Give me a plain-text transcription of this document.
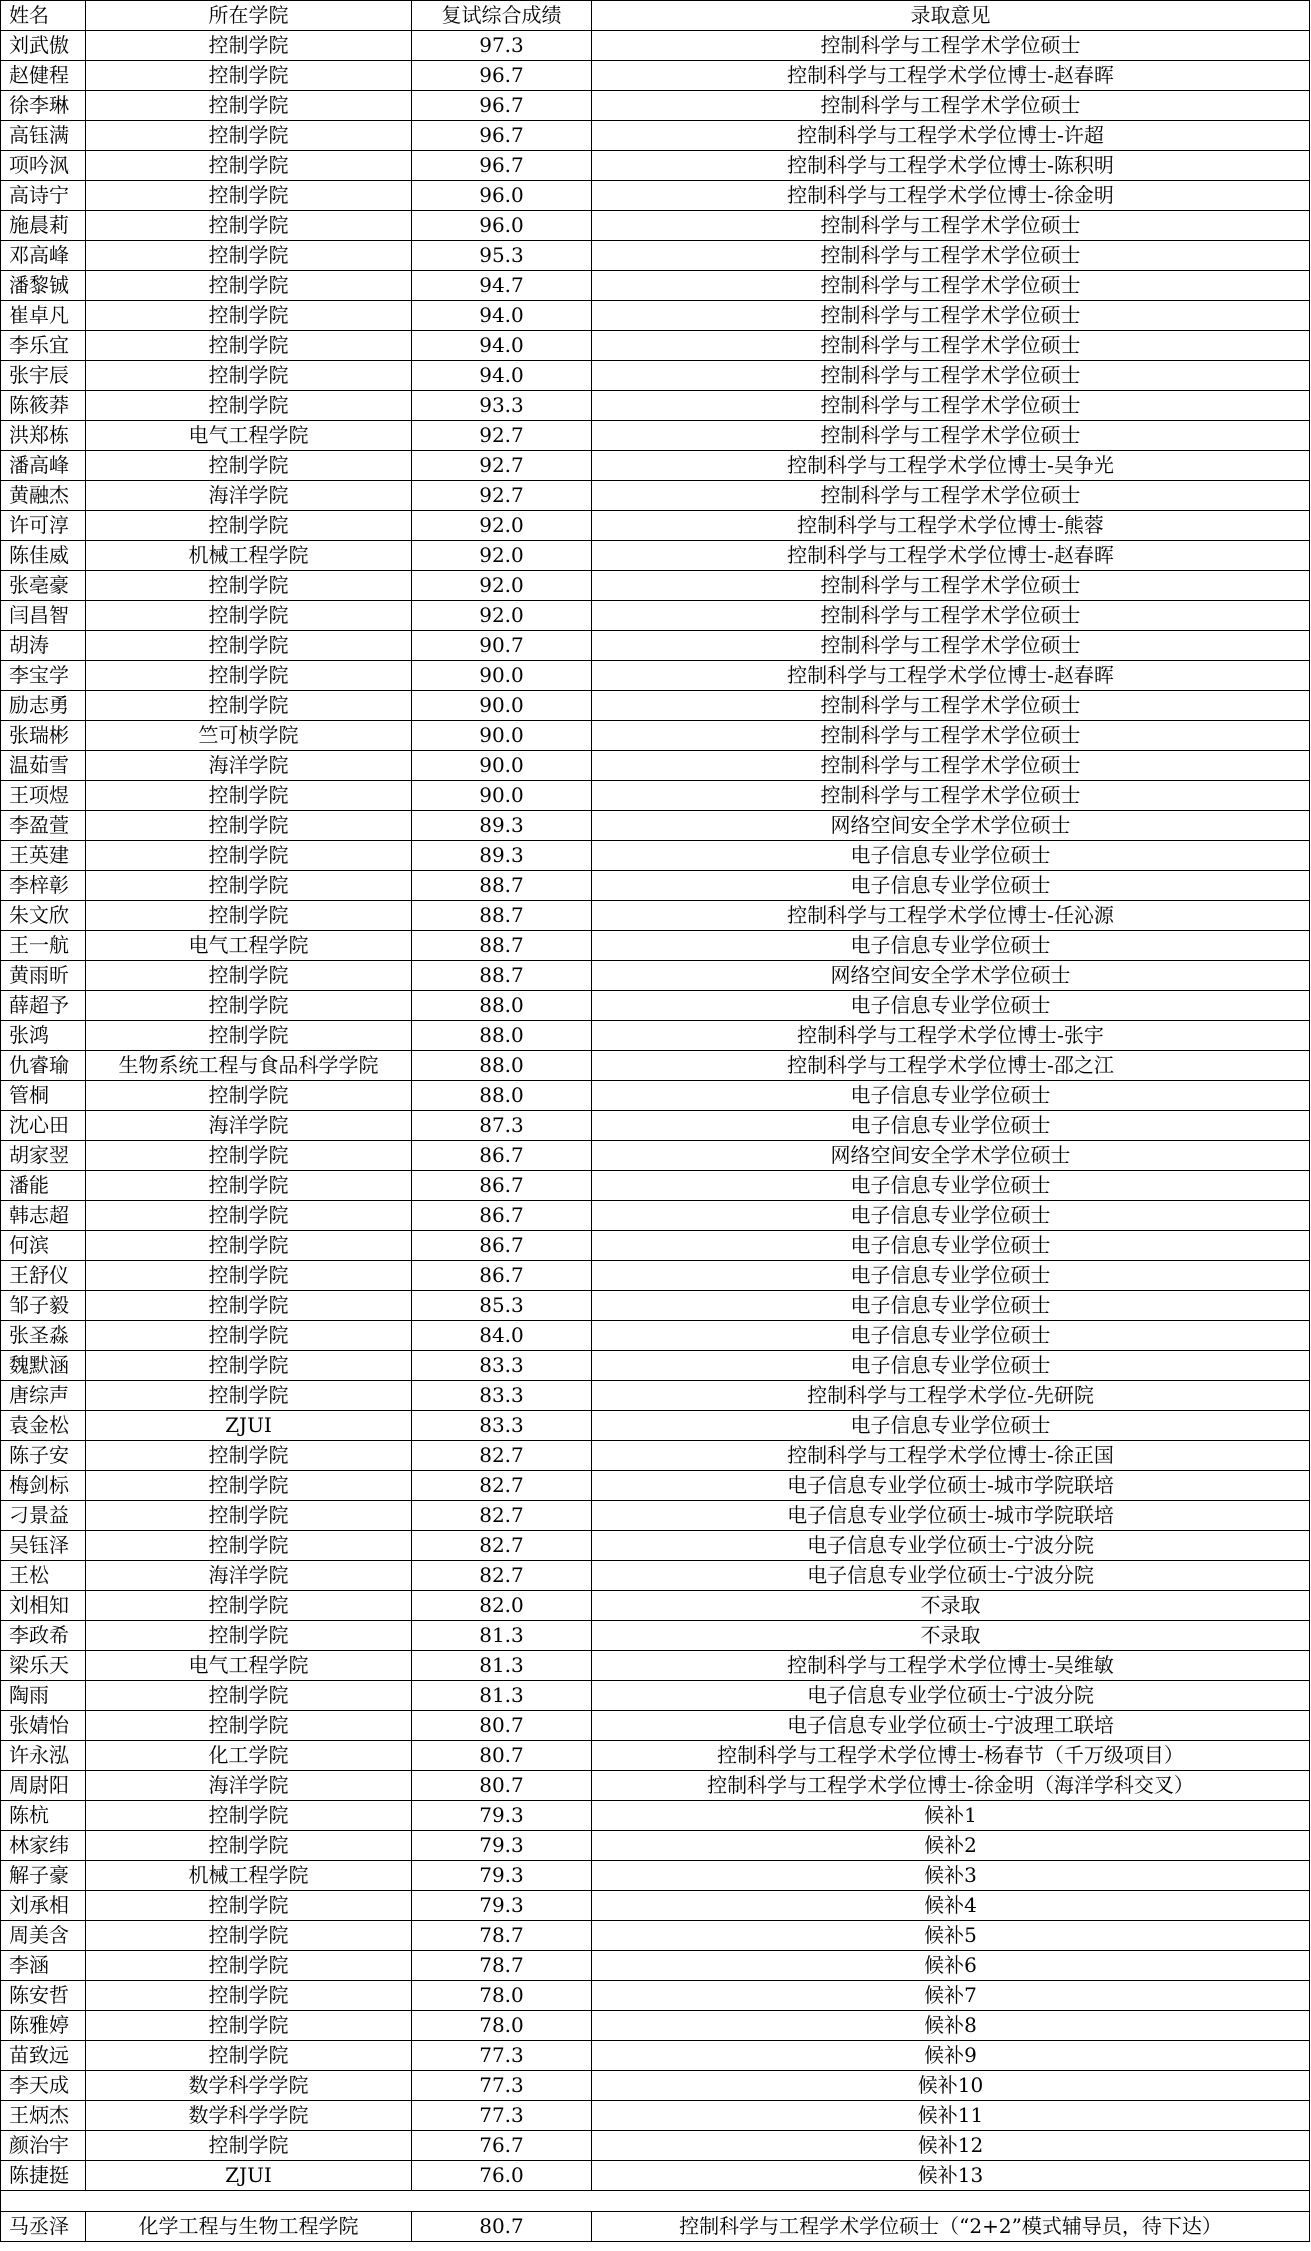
姓名	所在学院	复试综合成绩	录取意见
刘武傲	控制学院	97.3	控制科学与工程学术学位硕士
赵健程	控制学院	96.7	控制科学与工程学术学位博士-赵春晖
徐李琳	控制学院	96.7	控制科学与工程学术学位硕士
高钰满	控制学院	96.7	控制科学与工程学术学位博士-许超
项吟沨	控制学院	96.7	控制科学与工程学术学位博士-陈积明
高诗宁	控制学院	96.0	控制科学与工程学术学位博士-徐金明
施晨莉	控制学院	96.0	控制科学与工程学术学位硕士
邓高峰	控制学院	95.3	控制科学与工程学术学位硕士
潘黎铖	控制学院	94.7	控制科学与工程学术学位硕士
崔卓凡	控制学院	94.0	控制科学与工程学术学位硕士
李乐宜	控制学院	94.0	控制科学与工程学术学位硕士
张宇辰	控制学院	94.0	控制科学与工程学术学位硕士
陈筱莽	控制学院	93.3	控制科学与工程学术学位硕士
洪郑栋	电气工程学院	92.7	控制科学与工程学术学位硕士
潘高峰	控制学院	92.7	控制科学与工程学术学位博士-吴争光
黄融杰	海洋学院	92.7	控制科学与工程学术学位硕士
许可淳	控制学院	92.0	控制科学与工程学术学位博士-熊蓉
陈佳威	机械工程学院	92.0	控制科学与工程学术学位博士-赵春晖
张亳豪	控制学院	92.0	控制科学与工程学术学位硕士
闫昌智	控制学院	92.0	控制科学与工程学术学位硕士
胡涛	控制学院	90.7	控制科学与工程学术学位硕士
李宝学	控制学院	90.0	控制科学与工程学术学位博士-赵春晖
励志勇	控制学院	90.0	控制科学与工程学术学位硕士
张瑞彬	竺可桢学院	90.0	控制科学与工程学术学位硕士
温茹雪	海洋学院	90.0	控制科学与工程学术学位硕士
王项煜	控制学院	90.0	控制科学与工程学术学位硕士
李盈萱	控制学院	89.3	网络空间安全学术学位硕士
王英建	控制学院	89.3	电子信息专业学位硕士
李梓彰	控制学院	88.7	电子信息专业学位硕士
朱文欣	控制学院	88.7	控制科学与工程学术学位博士-任沁源
王一航	电气工程学院	88.7	电子信息专业学位硕士
黄雨昕	控制学院	88.7	网络空间安全学术学位硕士
薛超予	控制学院	88.0	电子信息专业学位硕士
张鸿	控制学院	88.0	控制科学与工程学术学位博士-张宇
仇睿瑜	生物系统工程与食品科学学院	88.0	控制科学与工程学术学位博士-邵之江
管桐	控制学院	88.0	电子信息专业学位硕士
沈心田	海洋学院	87.3	电子信息专业学位硕士
胡家翌	控制学院	86.7	网络空间安全学术学位硕士
潘能	控制学院	86.7	电子信息专业学位硕士
韩志超	控制学院	86.7	电子信息专业学位硕士
何滨	控制学院	86.7	电子信息专业学位硕士
王舒仪	控制学院	86.7	电子信息专业学位硕士
邹子毅	控制学院	85.3	电子信息专业学位硕士
张圣淼	控制学院	84.0	电子信息专业学位硕士
魏默涵	控制学院	83.3	电子信息专业学位硕士
唐综声	控制学院	83.3	控制科学与工程学术学位-先研院
袁金松	ZJUI	83.3	电子信息专业学位硕士
陈子安	控制学院	82.7	控制科学与工程学术学位博士-徐正国
梅剑标	控制学院	82.7	电子信息专业学位硕士-城市学院联培
刁景益	控制学院	82.7	电子信息专业学位硕士-城市学院联培
吴钰泽	控制学院	82.7	电子信息专业学位硕士-宁波分院
王松	海洋学院	82.7	电子信息专业学位硕士-宁波分院
刘相知	控制学院	82.0	不录取
李政希	控制学院	81.3	不录取
梁乐天	电气工程学院	81.3	控制科学与工程学术学位博士-吴维敏
陶雨	控制学院	81.3	电子信息专业学位硕士-宁波分院
张婧怡	控制学院	80.7	电子信息专业学位硕士-宁波理工联培
许永泓	化工学院	80.7	控制科学与工程学术学位博士-杨春节（千万级项目）
周尉阳	海洋学院	80.7	控制科学与工程学术学位博士-徐金明（海洋学科交叉）
陈杭	控制学院	79.3	候补1
林家纬	控制学院	79.3	候补2
解子豪	机械工程学院	79.3	候补3
刘承相	控制学院	79.3	候补4
周美含	控制学院	78.7	候补5
李涵	控制学院	78.7	候补6
陈安哲	控制学院	78.0	候补7
陈雅婷	控制学院	78.0	候补8
苗致远	控制学院	77.3	候补9
李天成	数学科学学院	77.3	候补10
王炳杰	数学科学学院	77.3	候补11
颜治宇	控制学院	76.7	候补12
陈捷挺	ZJUI	76.0	候补13

马丞泽	化学工程与生物工程学院	80.7	控制科学与工程学术学位硕士（“2+2”模式辅导员，待下达）
